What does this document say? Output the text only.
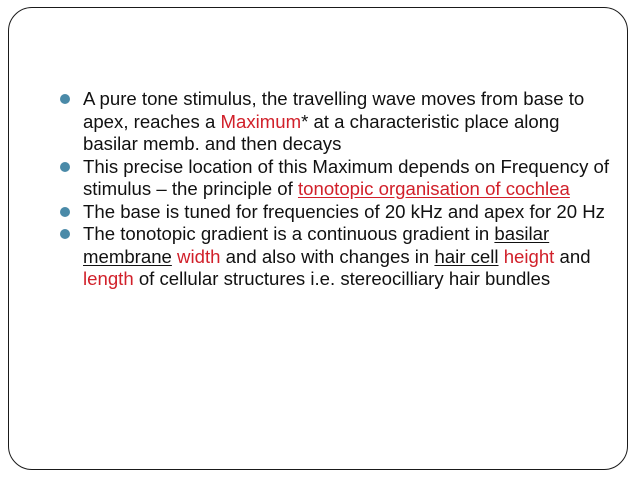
A pure tone stimulus, the travelling wave moves from base to apex, reaches a Maximum* at a characteristic place along basilar memb. and then decays
This precise location of this Maximum depends on Frequency of stimulus – the principle of tonotopic organisation of cochlea
The base is tuned for frequencies of 20 kHz and apex for 20 Hz
The tonotopic gradient is a continuous gradient in basilar membrane width and also with changes in hair cell height and length of cellular structures i.e. stereocilliary hair bundles
